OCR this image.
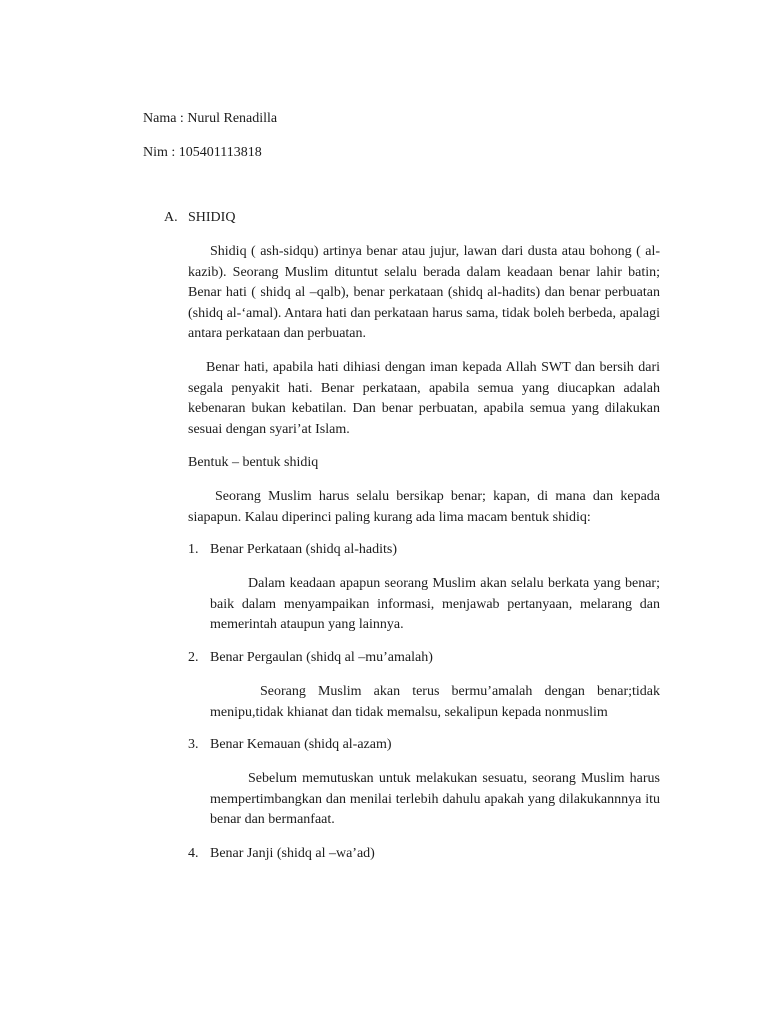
Nama : Nurul Renadilla
Nim : 105401113818
A. SHIDIQ
Shidiq ( ash-sidqu) artinya benar atau jujur, lawan dari dusta atau bohong ( al-kazib). Seorang Muslim dituntut selalu berada dalam keadaan benar lahir batin; Benar hati ( shidq al –qalb), benar perkataan (shidq al-hadits) dan benar perbuatan (shidq al-‘amal). Antara hati dan perkataan harus sama, tidak boleh berbeda, apalagi antara perkataan dan perbuatan.
Benar hati, apabila hati dihiasi dengan iman kepada Allah SWT dan bersih dari segala penyakit hati. Benar perkataan, apabila semua yang diucapkan adalah kebenaran bukan kebatilan. Dan benar perbuatan, apabila semua yang dilakukan sesuai dengan syari’at Islam.
Bentuk – bentuk shidiq
Seorang Muslim harus selalu bersikap benar; kapan, di mana dan kepada siapapun. Kalau diperinci paling kurang ada lima macam bentuk shidiq:
1. Benar Perkataan (shidq al-hadits)
Dalam keadaan apapun seorang Muslim akan selalu berkata yang benar; baik dalam menyampaikan informasi, menjawab pertanyaan, melarang dan memerintah ataupun yang lainnya.
2. Benar Pergaulan (shidq al –mu’amalah)
Seorang Muslim akan terus bermu’amalah dengan benar;tidak menipu,tidak khianat dan tidak memalsu, sekalipun kepada nonmuslim
3. Benar Kemauan (shidq al-azam)
Sebelum memutuskan untuk melakukan sesuatu, seorang Muslim harus mempertimbangkan dan menilai terlebih dahulu apakah yang dilakukannnya itu benar dan bermanfaat.
4. Benar Janji (shidq al –wa’ad)
